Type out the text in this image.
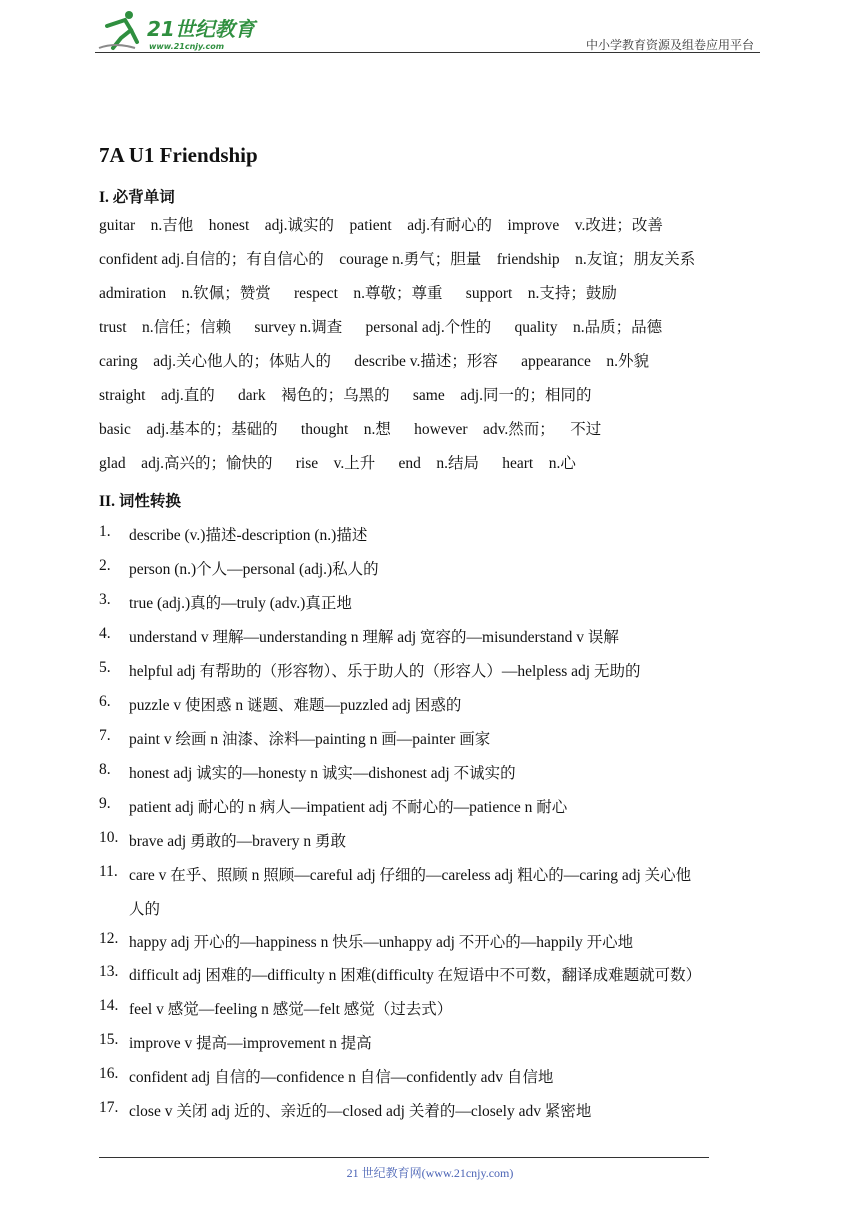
21世纪教育
www.21cnjy.com	中小学教育资源及组卷应用平台
7A U1 Friendship
I. 必背单词

guitar    n.吉他    honest    adj.诚实的    patient    adj.有耐心的    improve    v.改进；改善

confident adj.自信的；有自信心的    courage n.勇气；胆量    friendship    n.友谊；朋友关系

admiration    n.钦佩；赞赏      respect    n.尊敬；尊重      support    n.支持；鼓励

trust    n.信任；信赖      survey n.调查      personal adj.个性的      quality    n.品质；品德

caring    adj.关心他人的；体贴人的      describe v.描述；形容      appearance    n.外貌

straight    adj.直的      dark    褐色的；乌黑的      same    adj.同一的；相同的

basic    adj.基本的；基础的      thought    n.想      however    adv.然而；    不过

glad    adj.高兴的；愉快的      rise    v.上升      end    n.结局      heart    n.心

II. 词性转换
1. describe (v.)描述-description (n.)描述
2. person (n.)个人—personal (adj.)私人的
3. true (adj.)真的—truly (adv.)真正地
4. understand v 理解—understanding n 理解 adj 宽容的—misunderstand v 误解
5. helpful adj 有帮助的（形容物）、乐于助人的（形容人）—helpless adj 无助的
6. puzzle v 使困惑 n 谜题、难题—puzzled adj 困惑的
7. paint v 绘画 n 油漆、涂料—painting n 画—painter 画家
8. honest adj 诚实的—honesty n 诚实—dishonest adj 不诚实的
9. patient adj 耐心的 n 病人—impatient adj 不耐心的—patience n 耐心
10. brave adj 勇敢的—bravery n 勇敢
11. care v 在乎、照顾 n 照顾—careful adj 仔细的—careless adj 粗心的—caring adj 关心他
人的
12. happy adj 开心的—happiness n 快乐—unhappy adj 不开心的—happily 开心地
13. difficult adj 困难的—difficulty n 困难(difficulty 在短语中不可数，翻译成难题就可数）
14. feel v 感觉—feeling n 感觉—felt 感觉（过去式）
15. improve v 提高—improvement n 提高
16. confident adj 自信的—confidence n 自信—confidently adv 自信地
17. close v 关闭 adj 近的、亲近的—closed adj 关着的—closely adv 紧密地
21 世纪教育网(www.21cnjy.com)
